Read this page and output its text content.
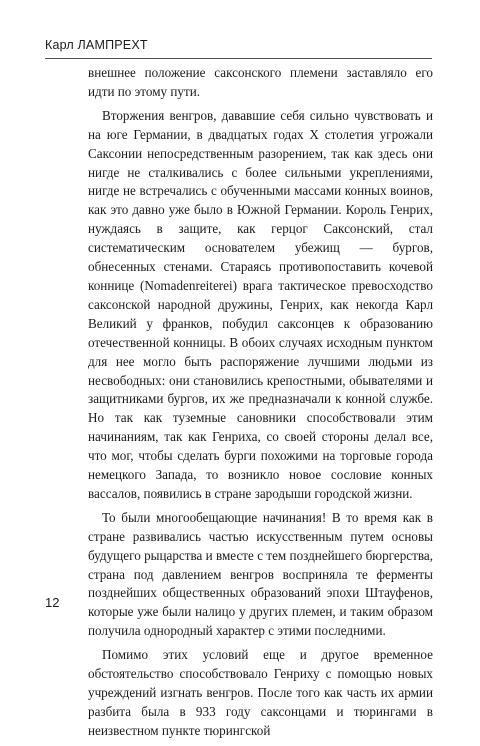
Карл ЛАМПРЕХТ

внешнее положение саксонского племени заставляло его идти по этому пути.

Вторжения венгров, дававшие себя сильно чувствовать и на юге Германии, в двадцатых годах X столетия угрожали Саксонии непосредственным разорением, так как здесь они нигде не сталкивались с более сильными укреплениями, нигде не встречались с обученными массами конных воинов, как это давно уже было в Южной Германии. Король Генрих, нуждаясь в защите, как герцог Саксонский, стал систематическим основателем убежищ — бургов, обнесенных стенами. Стараясь противопоставить кочевой коннице (Nomadenreiterei) врага тактическое превосходство саксонской народной дружины, Генрих, как некогда Карл Великий у франков, побудил саксонцев к образованию отечественной конницы. В обоих случаях исходным пунктом для нее могло быть распоряжение лучшими людьми из несвободных: они становились крепостными, обывателями и защитниками бургов, их же предназначали к конной службе. Но так как туземные сановники способствовали этим начинаниям, так как Генриха, со своей стороны делал все, что мог, чтобы сделать бурги похожими на торговые города немецкого Запада, то возникло новое сословие конных вассалов, появились в стране зародыши городской жизни.

То были многообещающие начинания! В то время как в стране развивались частью искусственным путем основы будущего рыцарства и вместе с тем позднейшего бюргерства, страна под давлением венгров восприняла те ферменты позднейших общественных образований эпохи Штауфенов, которые уже были налицо у других племен, и таким образом получила однородный характер с этими последними.

Помимо этих условий еще и другое временное обстоятельство способствовало Генриху с помощью новых учреждений изгнать венгров. После того как часть их армии разбита была в 933 году саксонцами и тюрингами в неизвестном пункте тюрингской

12
